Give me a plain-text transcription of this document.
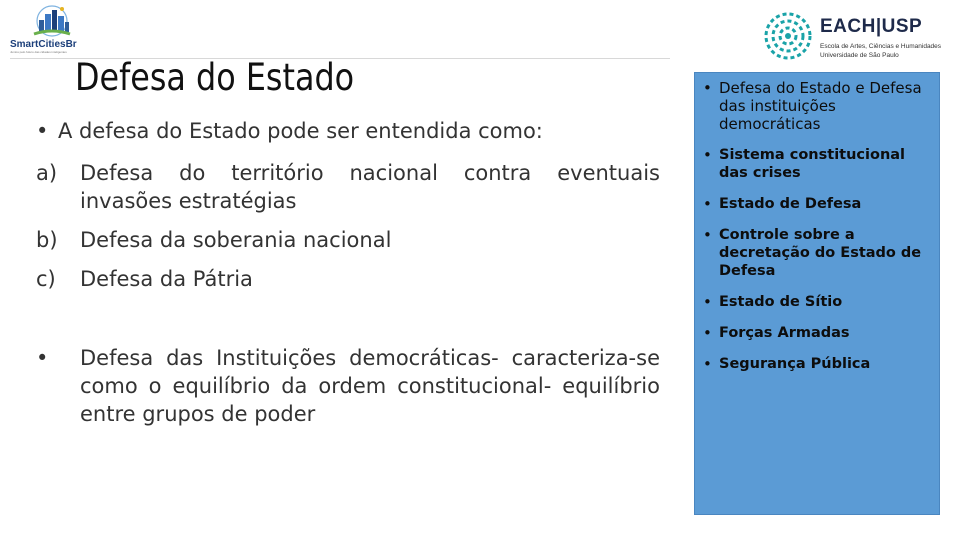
SmartCitiesBr
Juntos pelo futuro das cidades inteligentes
Defesa do Estado
• A defesa do Estado pode ser entendida como:
a)	Defesa do território nacional contra eventuais invasões estratégias
b)	Defesa da soberania nacional
c)	Defesa da Pátria
•	Defesa das Instituições democráticas- caracteriza-se como o equilíbrio da ordem constitucional- equilíbrio entre grupos de poder
EACH|USP
Escola de Artes, Ciências e Humanidades
Universidade de São Paulo
• Defesa do Estado e Defesa das instituições democráticas
• Sistema constitucional das crises
• Estado de Defesa
• Controle sobre a decretação do Estado de Defesa
• Estado de Sítio
• Forças Armadas
• Segurança Pública
